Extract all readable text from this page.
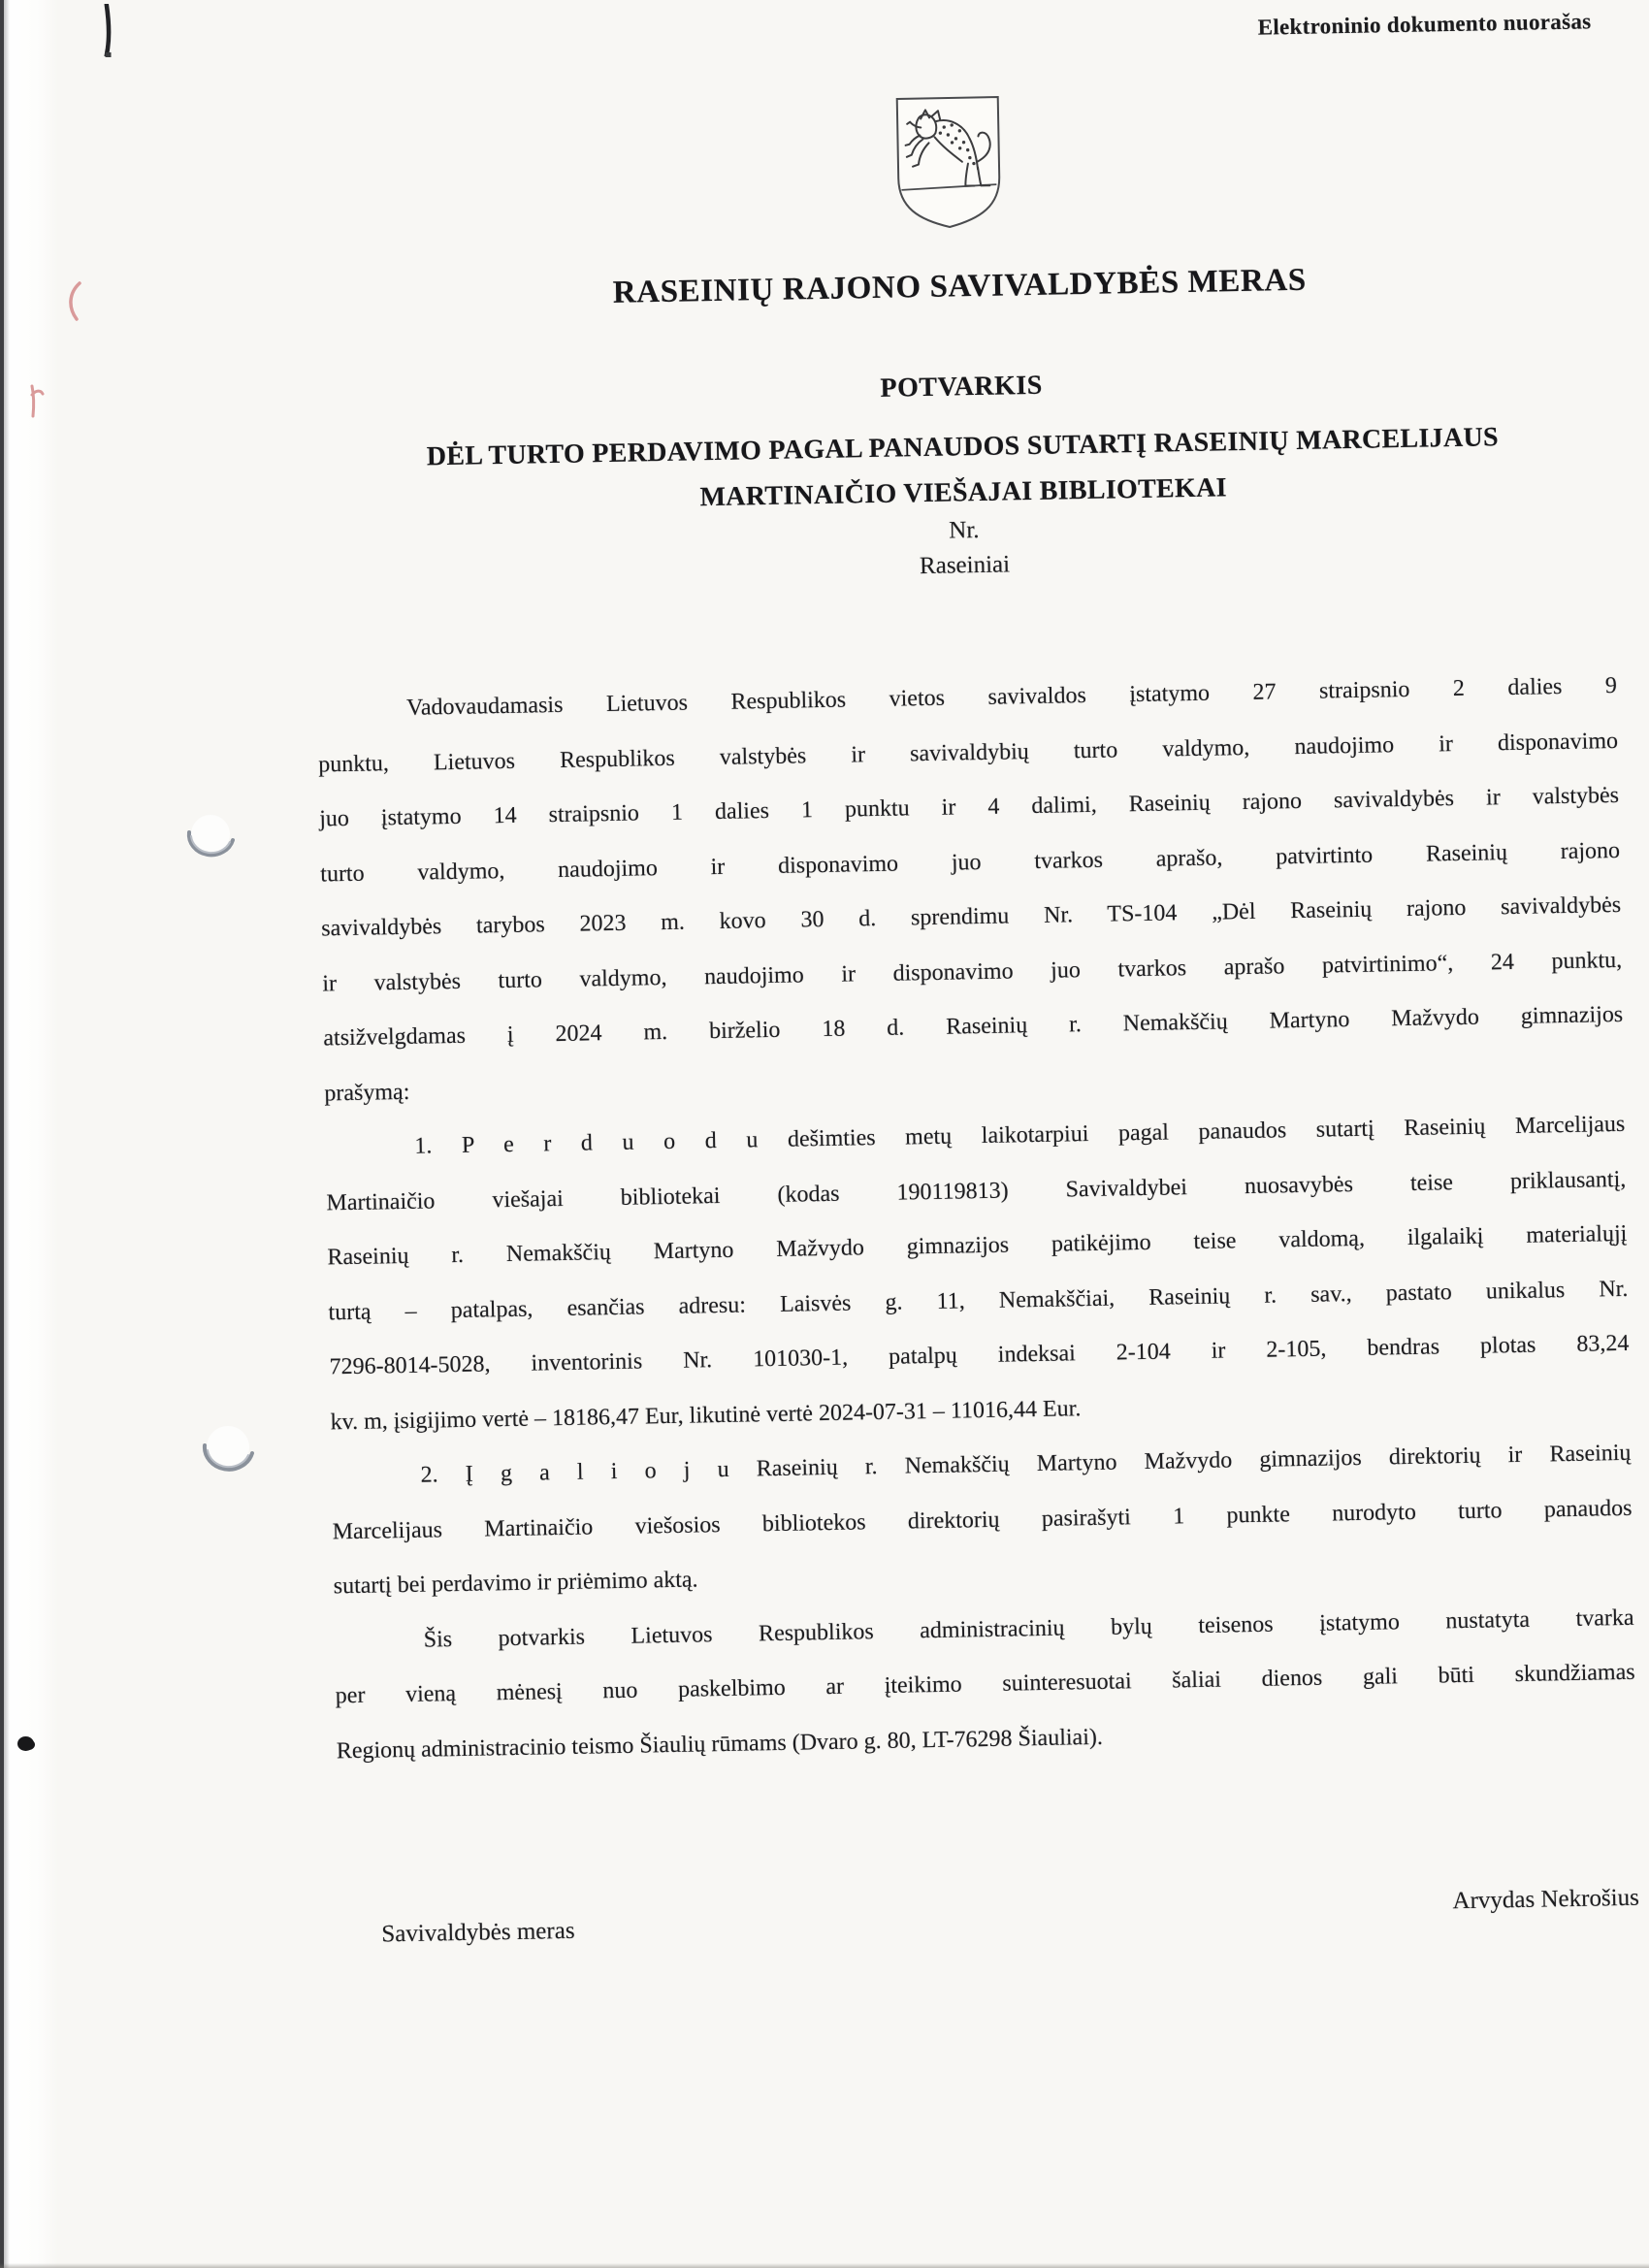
Elektroninio dokumento nuorašas
RASEINIŲ RAJONO SAVIVALDYBĖS MERAS
POTVARKIS
DĖL TURTO PERDAVIMO PAGAL PANAUDOS SUTARTĮ RASEINIŲ MARCELIJAUS
MARTINAIČIO VIEŠAJAI BIBLIOTEKAI
Nr.
Raseiniai
Vadovaudamasis Lietuvos Respublikos vietos savivaldos įstatymo 27 straipsnio 2 dalies 9
punktu, Lietuvos Respublikos valstybės ir savivaldybių turto valdymo, naudojimo ir disponavimo
juo įstatymo 14 straipsnio 1 dalies 1 punktu ir 4 dalimi, Raseinių rajono savivaldybės ir valstybės
turto valdymo, naudojimo ir disponavimo juo tvarkos aprašo, patvirtinto Raseinių rajono
savivaldybės tarybos 2023 m. kovo 30 d. sprendimu Nr. TS-104 „Dėl Raseinių rajono savivaldybės
ir valstybės turto valdymo, naudojimo ir disponavimo juo tvarkos aprašo patvirtinimo“, 24 punktu,
atsižvelgdamas į 2024 m. birželio 18 d. Raseinių r. Nemakščių Martyno Mažvydo gimnazijos
prašymą:
1. P e r d u o d u dešimties metų laikotarpiui pagal panaudos sutartį Raseinių Marcelijaus
Martinaičio viešajai bibliotekai (kodas 190119813) Savivaldybei nuosavybės teise priklausantį,
Raseinių r. Nemakščių Martyno Mažvydo gimnazijos patikėjimo teise valdomą, ilgalaikį materialųjį
turtą – patalpas, esančias adresu: Laisvės g. 11, Nemakščiai, Raseinių r. sav., pastato unikalus Nr.
7296-8014-5028, inventorinis Nr. 101030-1, patalpų indeksai 2-104 ir 2-105, bendras plotas 83,24
kv. m, įsigijimo vertė – 18186,47 Eur, likutinė vertė 2024-07-31 – 11016,44 Eur.
2. Į g a l i o j u Raseinių r. Nemakščių Martyno Mažvydo gimnazijos direktorių ir Raseinių
Marcelijaus Martinaičio viešosios bibliotekos direktorių pasirašyti 1 punkte nurodyto turto panaudos
sutartį bei perdavimo ir priėmimo aktą.
Šis potvarkis Lietuvos Respublikos administracinių bylų teisenos įstatymo nustatyta tvarka
per vieną mėnesį nuo paskelbimo ar įteikimo suinteresuotai šaliai dienos gali būti skundžiamas
Regionų administracinio teismo Šiaulių rūmams (Dvaro g. 80, LT-76298 Šiauliai).
Savivaldybės meras
Arvydas Nekrošius
